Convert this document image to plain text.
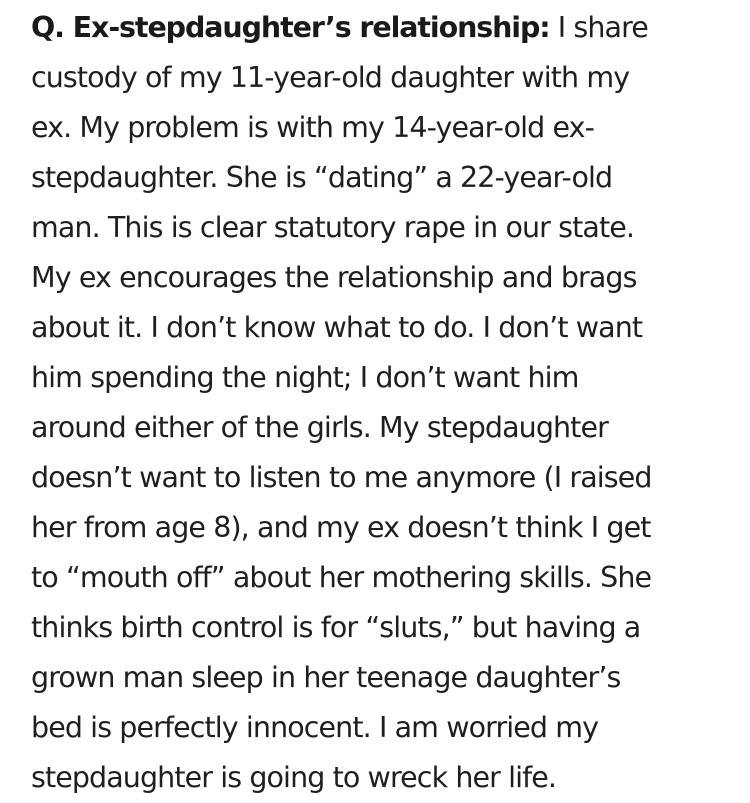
Q. Ex-stepdaughter’s relationship: I share
custody of my 11-year-old daughter with my
ex. My problem is with my 14-year-old ex-
stepdaughter. She is “dating” a 22-year-old
man. This is clear statutory rape in our state.
My ex encourages the relationship and brags
about it. I don’t know what to do. I don’t want
him spending the night; I don’t want him
around either of the girls. My stepdaughter
doesn’t want to listen to me anymore (I raised
her from age 8), and my ex doesn’t think I get
to “mouth off” about her mothering skills. She
thinks birth control is for “sluts,” but having a
grown man sleep in her teenage daughter’s
bed is perfectly innocent. I am worried my
stepdaughter is going to wreck her life.
